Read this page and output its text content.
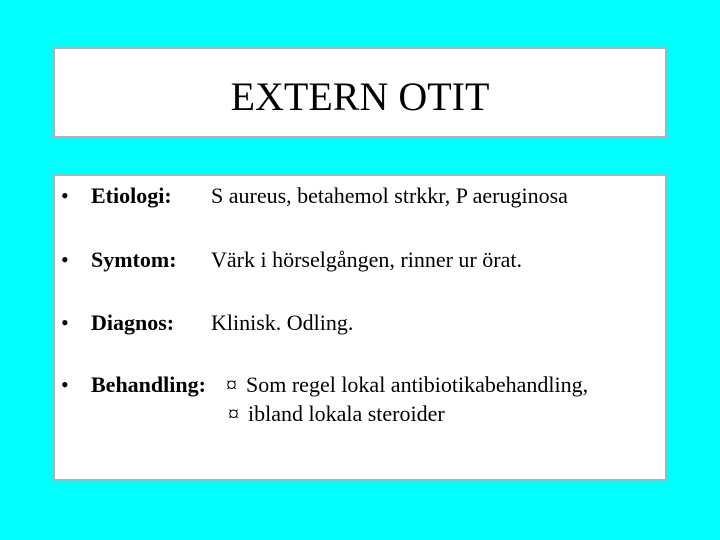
EXTERN OTIT
• Etiologi: S aureus, betahemol strkkr, P aeruginosa
• Symtom: Värk i hörselgången, rinner ur örat.
• Diagnos: Klinisk. Odling.
• Behandling: ¤ Som regel lokal antibiotikabehandling,
¤ ibland lokala steroider
